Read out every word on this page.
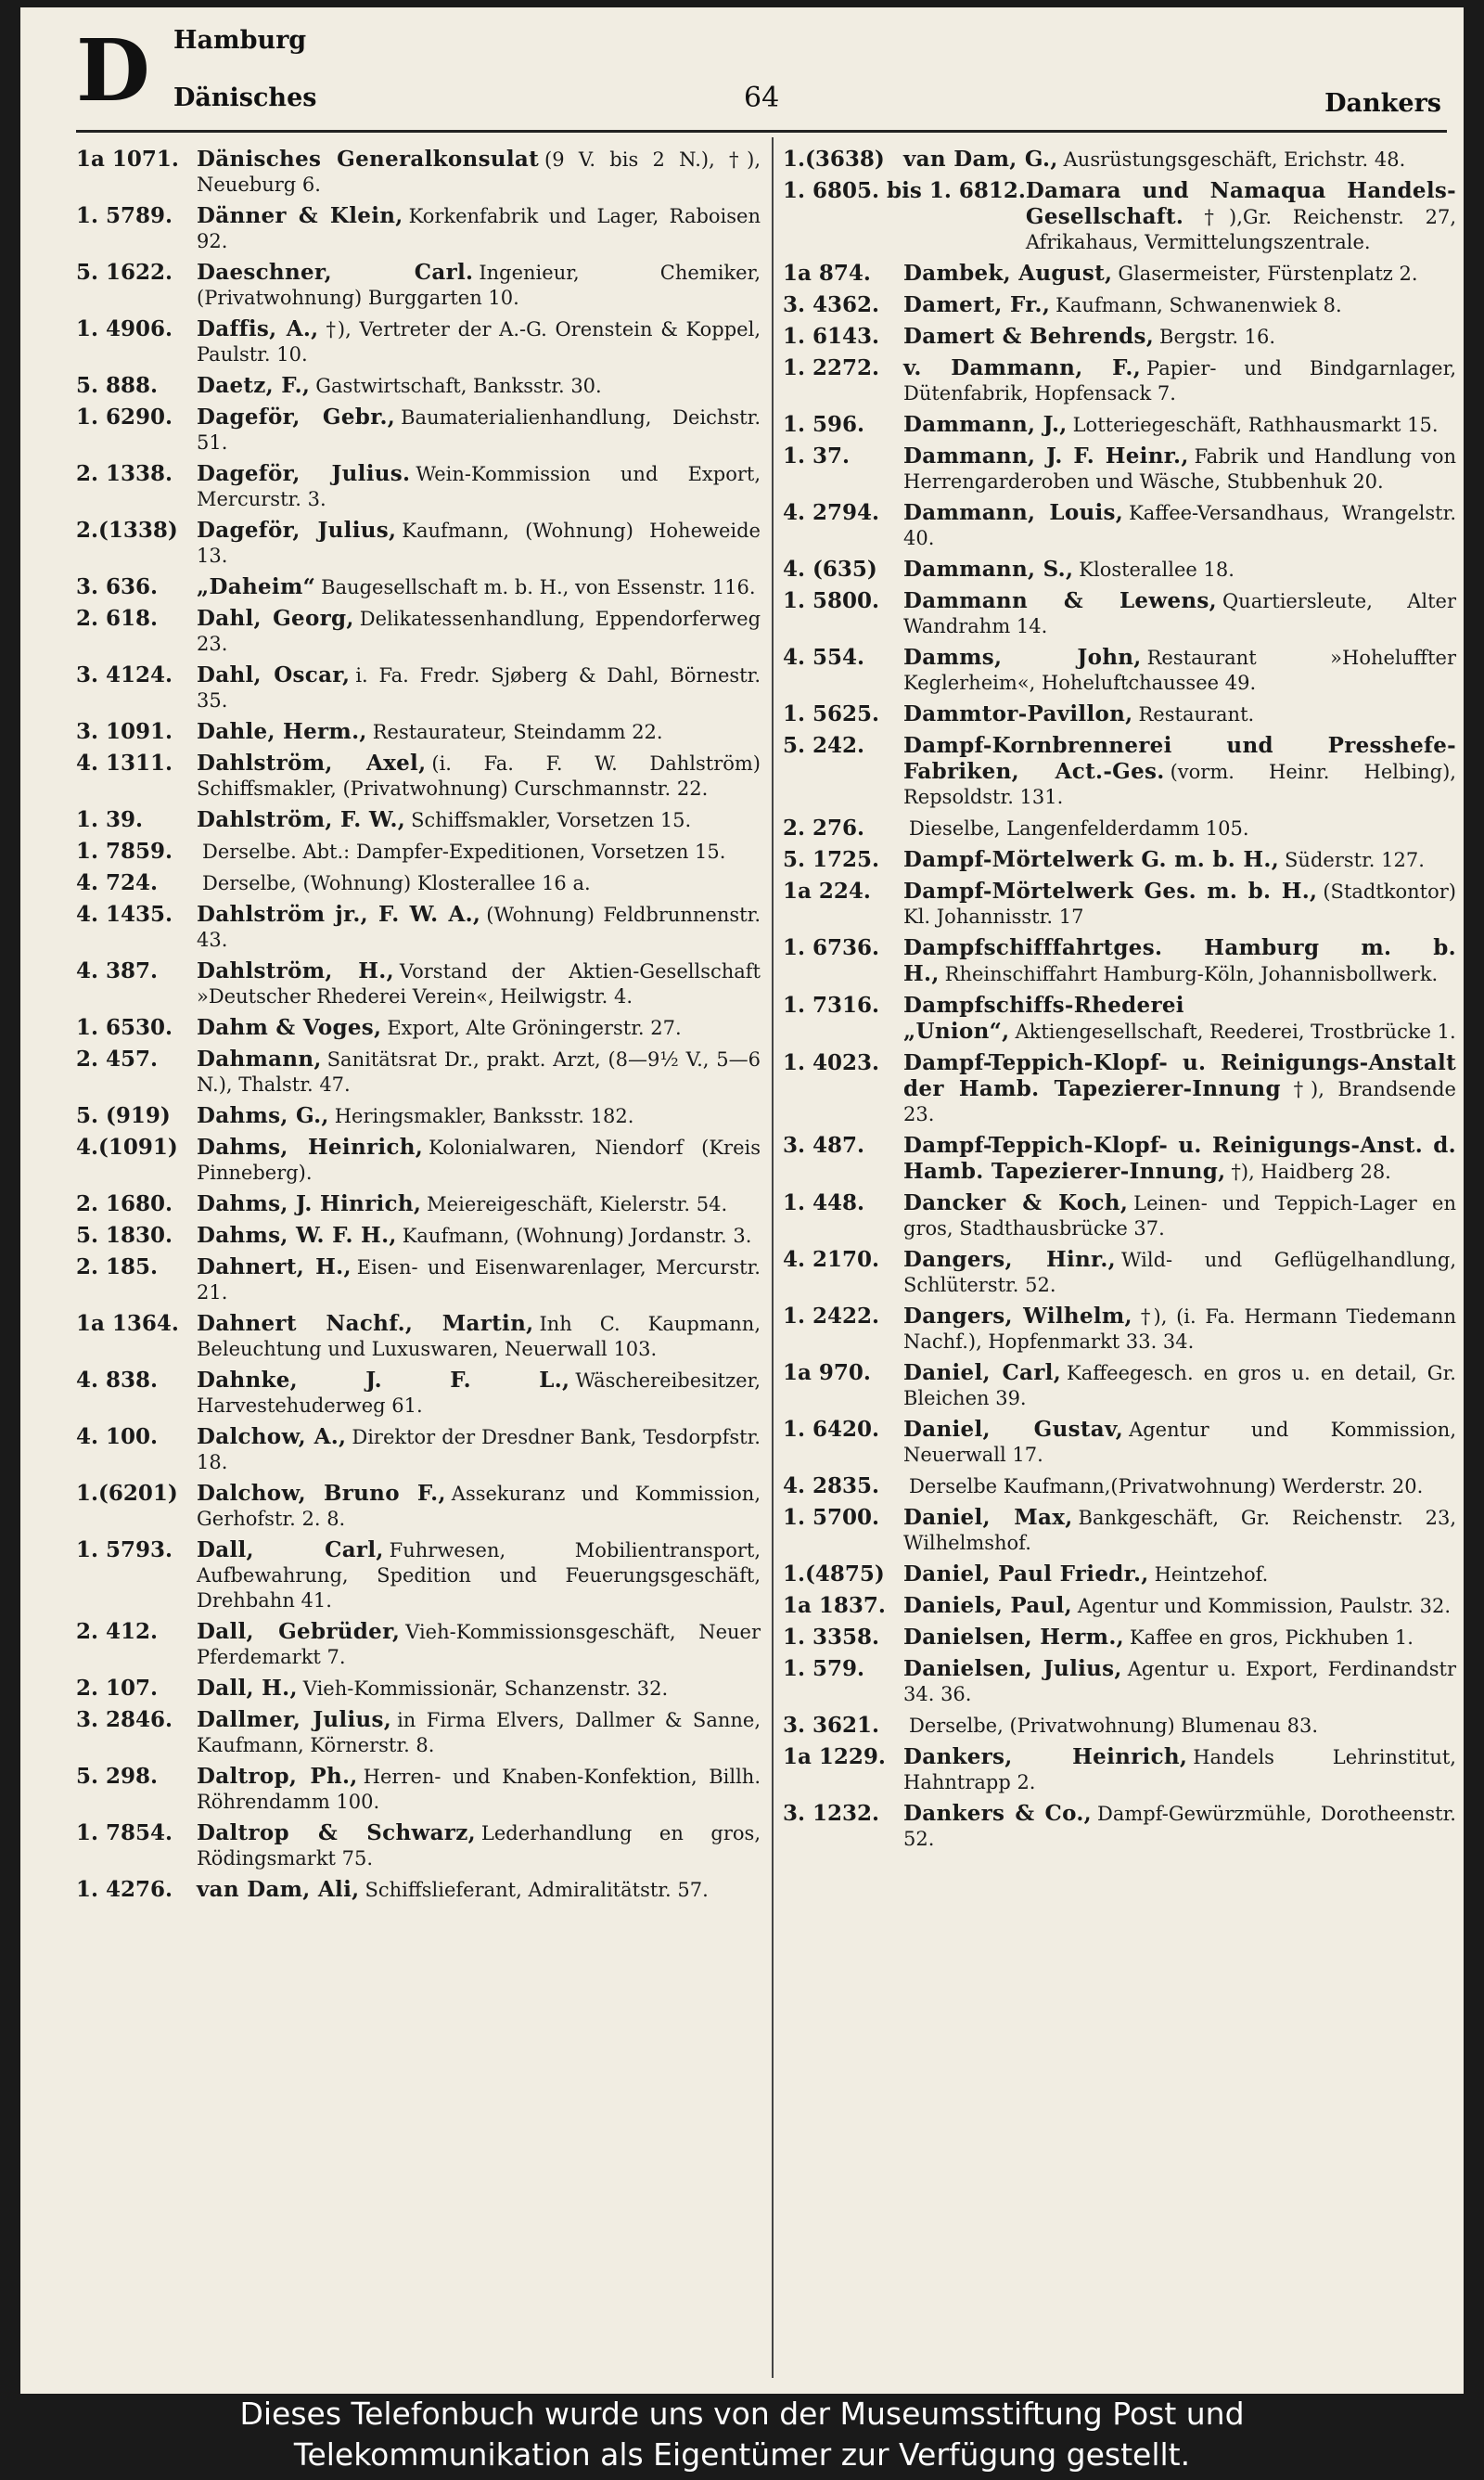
D Hamburg
Dänisches	64	Dankers
1a 1071. Dänisches Generalkonsulat (9 V. bis 2 N.), †), Neueburg 6.
1. 5789.	Dänner & Klein, Korkenfabrik und Lager, Raboisen 92.
5. 1622.	Daeschner, Carl. Ingenieur, Chemiker, (Privatwohnung) Burggarten 10.
1. 4906.	Daffis, A., †), Vertreter der A.-G. Orenstein & Koppel, Paulstr. 10.
5. 888.	Daetz, F., Gastwirtschaft, Banksstr. 30.
1. 6290.	Dageför, Gebr., Baumaterialienhandlung, Deichstr. 51.
2. 1338.	Dageför, Julius. Wein-Kommission und Export, Mercurstr. 3.
2.(1338) Dageför, Julius, Kaufmann, (Wohnung) Hoheweide 13.
3. 636.	„Daheim“ Baugesellschaft m. b. H., von Essenstr. 116.
2. 618.	Dahl, Georg, Delikatessenhandlung, Eppendorferweg 23.
3. 4124.	Dahl, Oscar, i. Fa. Fredr. Sjøberg & Dahl, Börnestr. 35.
3. 1091.	Dahle, Herm., Restaurateur, Steindamm 22.
4. 1311.	Dahlström, Axel, (i. Fa. F. W. Dahlström) Schiffsmakler, (Privatwohnung) Curschmannstr. 22.
1. 39.	Dahlström, F. W., Schiffsmakler, Vorsetzen 15.
1. 7859.	Derselbe. Abt.: Dampfer-Expeditionen, Vorsetzen 15.
4. 724.	Derselbe, (Wohnung) Klosterallee 16 a.
4. 1435.	Dahlström jr., F. W. A., (Wohnung) Feldbrunnenstr. 43.
4. 387.	Dahlström, H., Vorstand der Aktien-Gesellschaft »Deutscher Rhederei Verein«, Heilwigstr. 4.
1. 6530.	Dahm & Voges, Export, Alte Gröningerstr. 27.
2. 457.	Dahmann, Sanitätsrat Dr., prakt. Arzt, (8—9½ V., 5—6 N.), Thalstr. 47.
5. (919)	Dahms, G., Heringsmakler, Banksstr. 182.
4.(1091) Dahms, Heinrich, Kolonialwaren, Niendorf (Kreis Pinneberg).
2. 1680.	Dahms, J. Hinrich, Meiereigeschäft, Kielerstr. 54.
5. 1830.	Dahms, W. F. H., Kaufmann, (Wohnung) Jordanstr. 3.
2. 185.	Dahnert, H., Eisen- und Eisenwarenlager, Mercurstr. 21.
1a 1364. Dahnert Nachf., Martin, Inh C. Kaupmann, Beleuchtung und Luxuswaren, Neuerwall 103.
4. 838.	Dahnke, J. F. L., Wäschereibesitzer, Harvestehuderweg 61.
4. 100.	Dalchow, A., Direktor der Dresdner Bank, Tesdorpfstr. 18.
1.(6201) Dalchow, Bruno F., Assekuranz und Kommission, Gerhofstr. 2. 8.
1. 5793.	Dall, Carl, Fuhrwesen, Mobilientransport, Aufbewahrung, Spedition und Feuerungsgeschäft, Drehbahn 41.
2. 412.	Dall, Gebrüder, Vieh-Kommissionsgeschäft, Neuer Pferdemarkt 7.
2. 107.	Dall, H., Vieh-Kommissionär, Schanzenstr. 32.
3. 2846.	Dallmer, Julius, in Firma Elvers, Dallmer & Sanne, Kaufmann, Körnerstr. 8.
5. 298.	Daltrop, Ph., Herren- und Knaben-Konfektion, Billh. Röhrendamm 100.
1. 7854.	Daltrop & Schwarz, Lederhandlung en gros, Rödingsmarkt 75.
1. 4276.	van Dam, Ali, Schiffslieferant, Admiralitätstr. 57.
1.(3638) van Dam, G., Ausrüstungsgeschäft, Erichstr. 48.
1. 6805. bis 1. 6812. Damara und Namaqua Handels-Gesellschaft. †),Gr. Reichenstr. 27, Afrikahaus, Vermittelungszentrale.
1a 874.	Dambek, August, Glasermeister, Fürstenplatz 2.
3. 4362.	Damert, Fr., Kaufmann, Schwanenwiek 8.
1. 6143.	Damert & Behrends, Bergstr. 16.
1. 2272.	v. Dammann, F., Papier- und Bindgarnlager, Dütenfabrik, Hopfensack 7.
1. 596.	Dammann, J., Lotteriegeschäft, Rathhausmarkt 15.
1. 37.	Dammann, J. F. Heinr., Fabrik und Handlung von Herrengarderoben und Wäsche, Stubbenhuk 20.
4. 2794.	Dammann, Louis, Kaffee-Versandhaus, Wrangelstr. 40.
4. (635)	Dammann, S., Klosterallee 18.
1. 5800.	Dammann & Lewens, Quartiersleute, Alter Wandrahm 14.
4. 554.	Damms, John, Restaurant »Hoheluffter Keglerheim«, Hoheluftchaussee 49.
1. 5625.	Dammtor-Pavillon, Restaurant.
5. 242.	Dampf-Kornbrennerei und Presshefe-Fabriken, Act.-Ges. (vorm. Heinr. Helbing), Repsoldstr. 131.
2. 276.	Dieselbe, Langenfelderdamm 105.
5. 1725.	Dampf-Mörtelwerk G. m. b. H., Süderstr. 127.
1a 224.	Dampf-Mörtelwerk Ges. m. b. H., (Stadtkontor) Kl. Johannisstr. 17
1. 6736.	Dampfschifffahrtges. Hamburg m. b. H., Rheinschiffahrt Hamburg-Köln, Johannisbollwerk.
1. 7316.	Dampfschiffs-Rhederei „Union“, Aktiengesellschaft, Reederei, Trostbrücke 1.
1. 4023.	Dampf-Teppich-Klopf- u. Reinigungs-Anstalt der Hamb. Tapezierer-Innung †), Brandsende 23.
3. 487.	Dampf-Teppich-Klopf- u. Reinigungs-Anst. d. Hamb. Tapezierer-Innung, †), Haidberg 28.
1. 448.	Dancker & Koch, Leinen- und Teppich-Lager en gros, Stadthausbrücke 37.
4. 2170.	Dangers, Hinr., Wild- und Geflügelhandlung, Schlüterstr. 52.
1. 2422.	Dangers, Wilhelm, †), (i. Fa. Hermann Tiedemann Nachf.), Hopfenmarkt 33. 34.
1a 970.	Daniel, Carl, Kaffeegesch. en gros u. en detail, Gr. Bleichen 39.
1. 6420.	Daniel, Gustav, Agentur und Kommission, Neuerwall 17.
4. 2835.	Derselbe Kaufmann,(Privatwohnung) Werderstr. 20.
1. 5700.	Daniel, Max, Bankgeschäft, Gr. Reichenstr. 23, Wilhelmshof.
1.(4875) Daniel, Paul Friedr., Heintzehof.
1a 1837. Daniels, Paul, Agentur und Kommission, Paulstr. 32.
1. 3358.	Danielsen, Herm., Kaffee en gros, Pickhuben 1.
1. 579.	Danielsen, Julius, Agentur u. Export, Ferdinandstr 34. 36.
3. 3621.	Derselbe, (Privatwohnung) Blumenau 83.
1a 1229. Dankers, Heinrich, Handels Lehrinstitut, Hahntrapp 2.
3. 1232.	Dankers & Co., Dampf-Gewürzmühle, Dorotheenstr. 52.
Dieses Telefonbuch wurde uns von der Museumsstiftung Post und
Telekommunikation als Eigentümer zur Verfügung gestellt.
